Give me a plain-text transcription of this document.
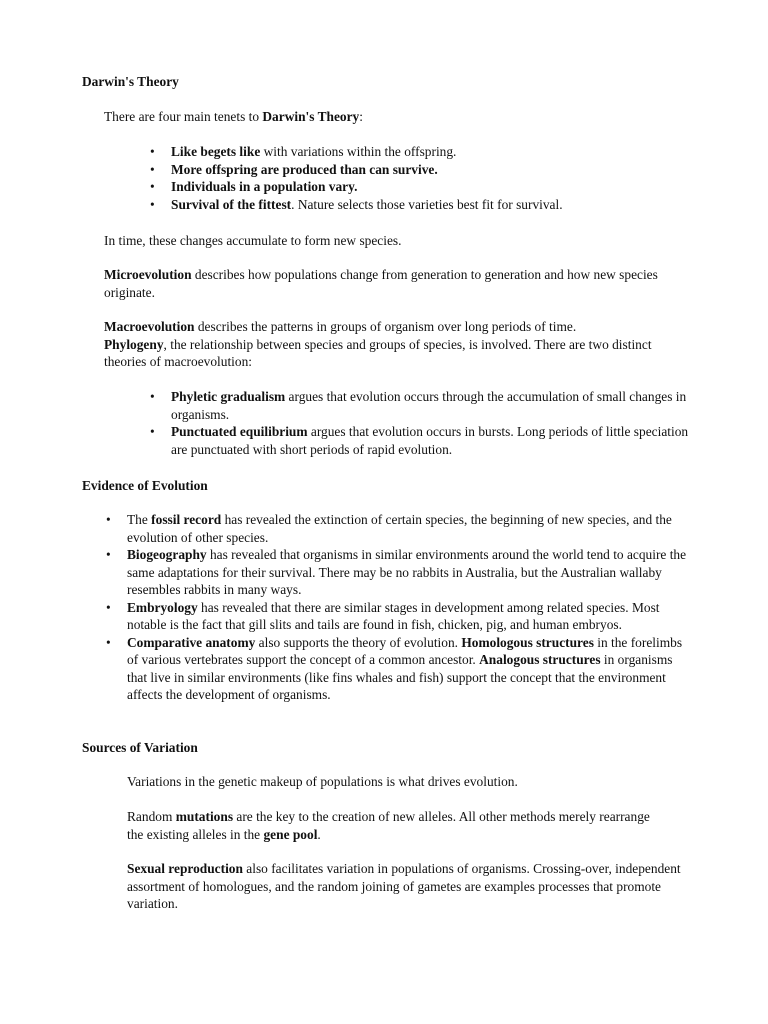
Darwin's Theory

There are four main tenets to Darwin's Theory:

• Like begets like with variations within the offspring.
• More offspring are produced than can survive.
• Individuals in a population vary.
• Survival of the fittest. Nature selects those varieties best fit for survival.

In time, these changes accumulate to form new species.

Microevolution describes how populations change from generation to generation and how new species originate.

Macroevolution describes the patterns in groups of organism over long periods of time.
Phylogeny, the relationship between species and groups of species, is involved. There are two distinct theories of macroevolution:

• Phyletic gradualism argues that evolution occurs through the accumulation of small changes in organisms.
• Punctuated equilibrium argues that evolution occurs in bursts. Long periods of little speciation are punctuated with short periods of rapid evolution.

Evidence of Evolution

• The fossil record has revealed the extinction of certain species, the beginning of new species, and the evolution of other species.
• Biogeography has revealed that organisms in similar environments around the world tend to acquire the same adaptations for their survival. There may be no rabbits in Australia, but the Australian wallaby resembles rabbits in many ways.
• Embryology has revealed that there are similar stages in development among related species. Most notable is the fact that gill slits and tails are found in fish, chicken, pig, and human embryos.
• Comparative anatomy also supports the theory of evolution. Homologous structures in the forelimbs of various vertebrates support the concept of a common ancestor. Analogous structures in organisms that live in similar environments (like fins whales and fish) support the concept that the environment affects the development of organisms.

Sources of Variation

Variations in the genetic makeup of populations is what drives evolution.

Random mutations are the key to the creation of new alleles. All other methods merely rearrange the existing alleles in the gene pool.

Sexual reproduction also facilitates variation in populations of organisms. Crossing-over, independent assortment of homologues, and the random joining of gametes are examples processes that promote variation.
